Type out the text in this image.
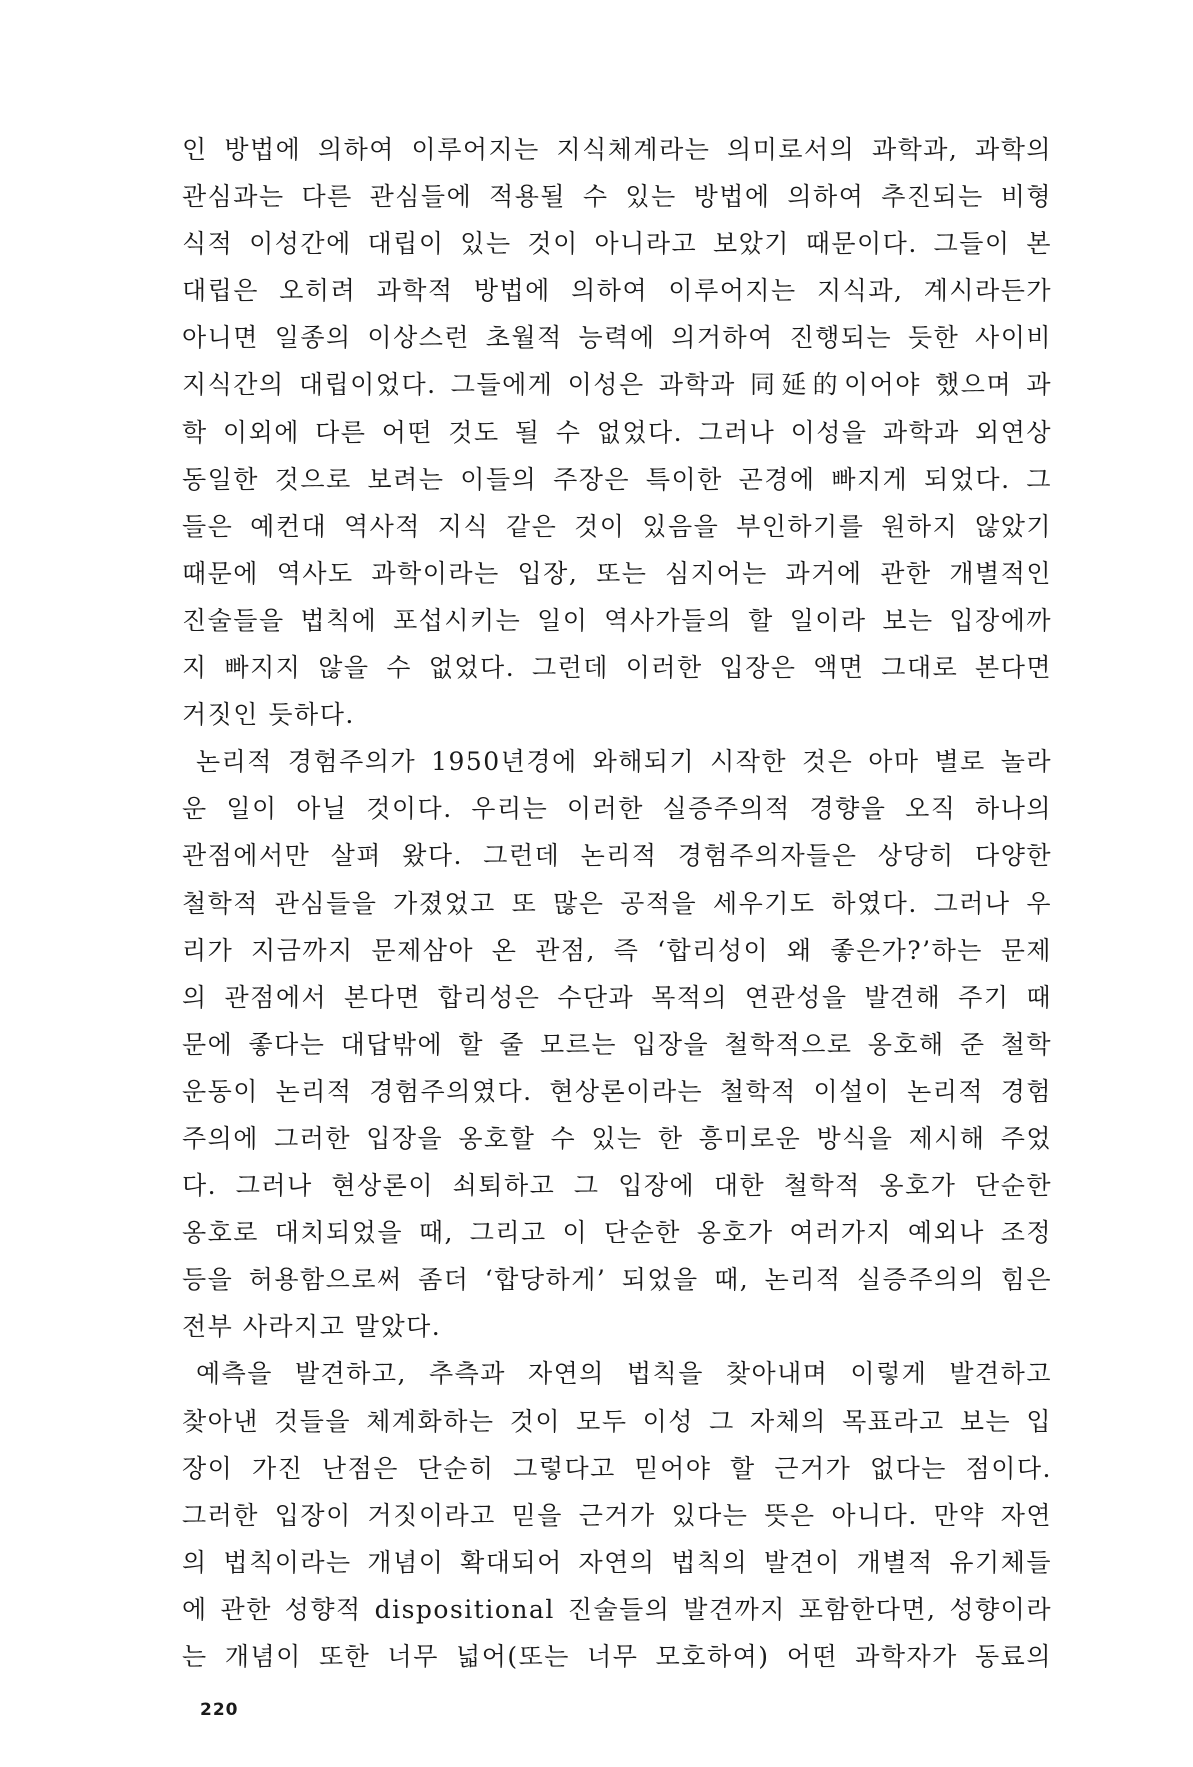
인 방법에 의하여 이루어지는 지식체계라는 의미로서의 과학과, 과학의
관심과는 다른 관심들에 적용될 수 있는 방법에 의하여 추진되는 비형
식적 이성간에 대립이 있는 것이 아니라고 보았기 때문이다. 그들이 본
대립은 오히려 과학적 방법에 의하여 이루어지는 지식과, 계시라든가
아니면 일종의 이상스런 초월적 능력에 의거하여 진행되는 듯한 사이비
지식간의 대립이었다. 그들에게 이성은 과학과 同延的이어야 했으며 과
학 이외에 다른 어떤 것도 될 수 없었다. 그러나 이성을 과학과 외연상
동일한 것으로 보려는 이들의 주장은 특이한 곤경에 빠지게 되었다. 그
들은 예컨대 역사적 지식 같은 것이 있음을 부인하기를 원하지 않았기
때문에 역사도 과학이라는 입장, 또는 심지어는 과거에 관한 개별적인
진술들을 법칙에 포섭시키는 일이 역사가들의 할 일이라 보는 입장에까
지 빠지지 않을 수 없었다. 그런데 이러한 입장은 액면 그대로 본다면
거짓인 듯하다.
논리적 경험주의가 1950년경에 와해되기 시작한 것은 아마 별로 놀라
운 일이 아닐 것이다. 우리는 이러한 실증주의적 경향을 오직 하나의
관점에서만 살펴 왔다. 그런데 논리적 경험주의자들은 상당히 다양한
철학적 관심들을 가졌었고 또 많은 공적을 세우기도 하였다. 그러나 우
리가 지금까지 문제삼아 온 관점, 즉 ‘합리성이 왜 좋은가?’하는 문제
의 관점에서 본다면 합리성은 수단과 목적의 연관성을 발견해 주기 때
문에 좋다는 대답밖에 할 줄 모르는 입장을 철학적으로 옹호해 준 철학
운동이 논리적 경험주의였다. 현상론이라는 철학적 이설이 논리적 경험
주의에 그러한 입장을 옹호할 수 있는 한 흥미로운 방식을 제시해 주었
다. 그러나 현상론이 쇠퇴하고 그 입장에 대한 철학적 옹호가 단순한
옹호로 대치되었을 때, 그리고 이 단순한 옹호가 여러가지 예외나 조정
등을 허용함으로써 좀더 ‘합당하게’ 되었을 때, 논리적 실증주의의 힘은
전부 사라지고 말았다.
예측을 발견하고, 추측과 자연의 법칙을 찾아내며 이렇게 발견하고
찾아낸 것들을 체계화하는 것이 모두 이성 그 자체의 목표라고 보는 입
장이 가진 난점은 단순히 그렇다고 믿어야 할 근거가 없다는 점이다.
그러한 입장이 거짓이라고 믿을 근거가 있다는 뜻은 아니다. 만약 자연
의 법칙이라는 개념이 확대되어 자연의 법칙의 발견이 개별적 유기체들
에 관한 성향적 dispositional 진술들의 발견까지 포함한다면, 성향이라
는 개념이 또한 너무 넓어(또는 너무 모호하여) 어떤 과학자가 동료의
220
